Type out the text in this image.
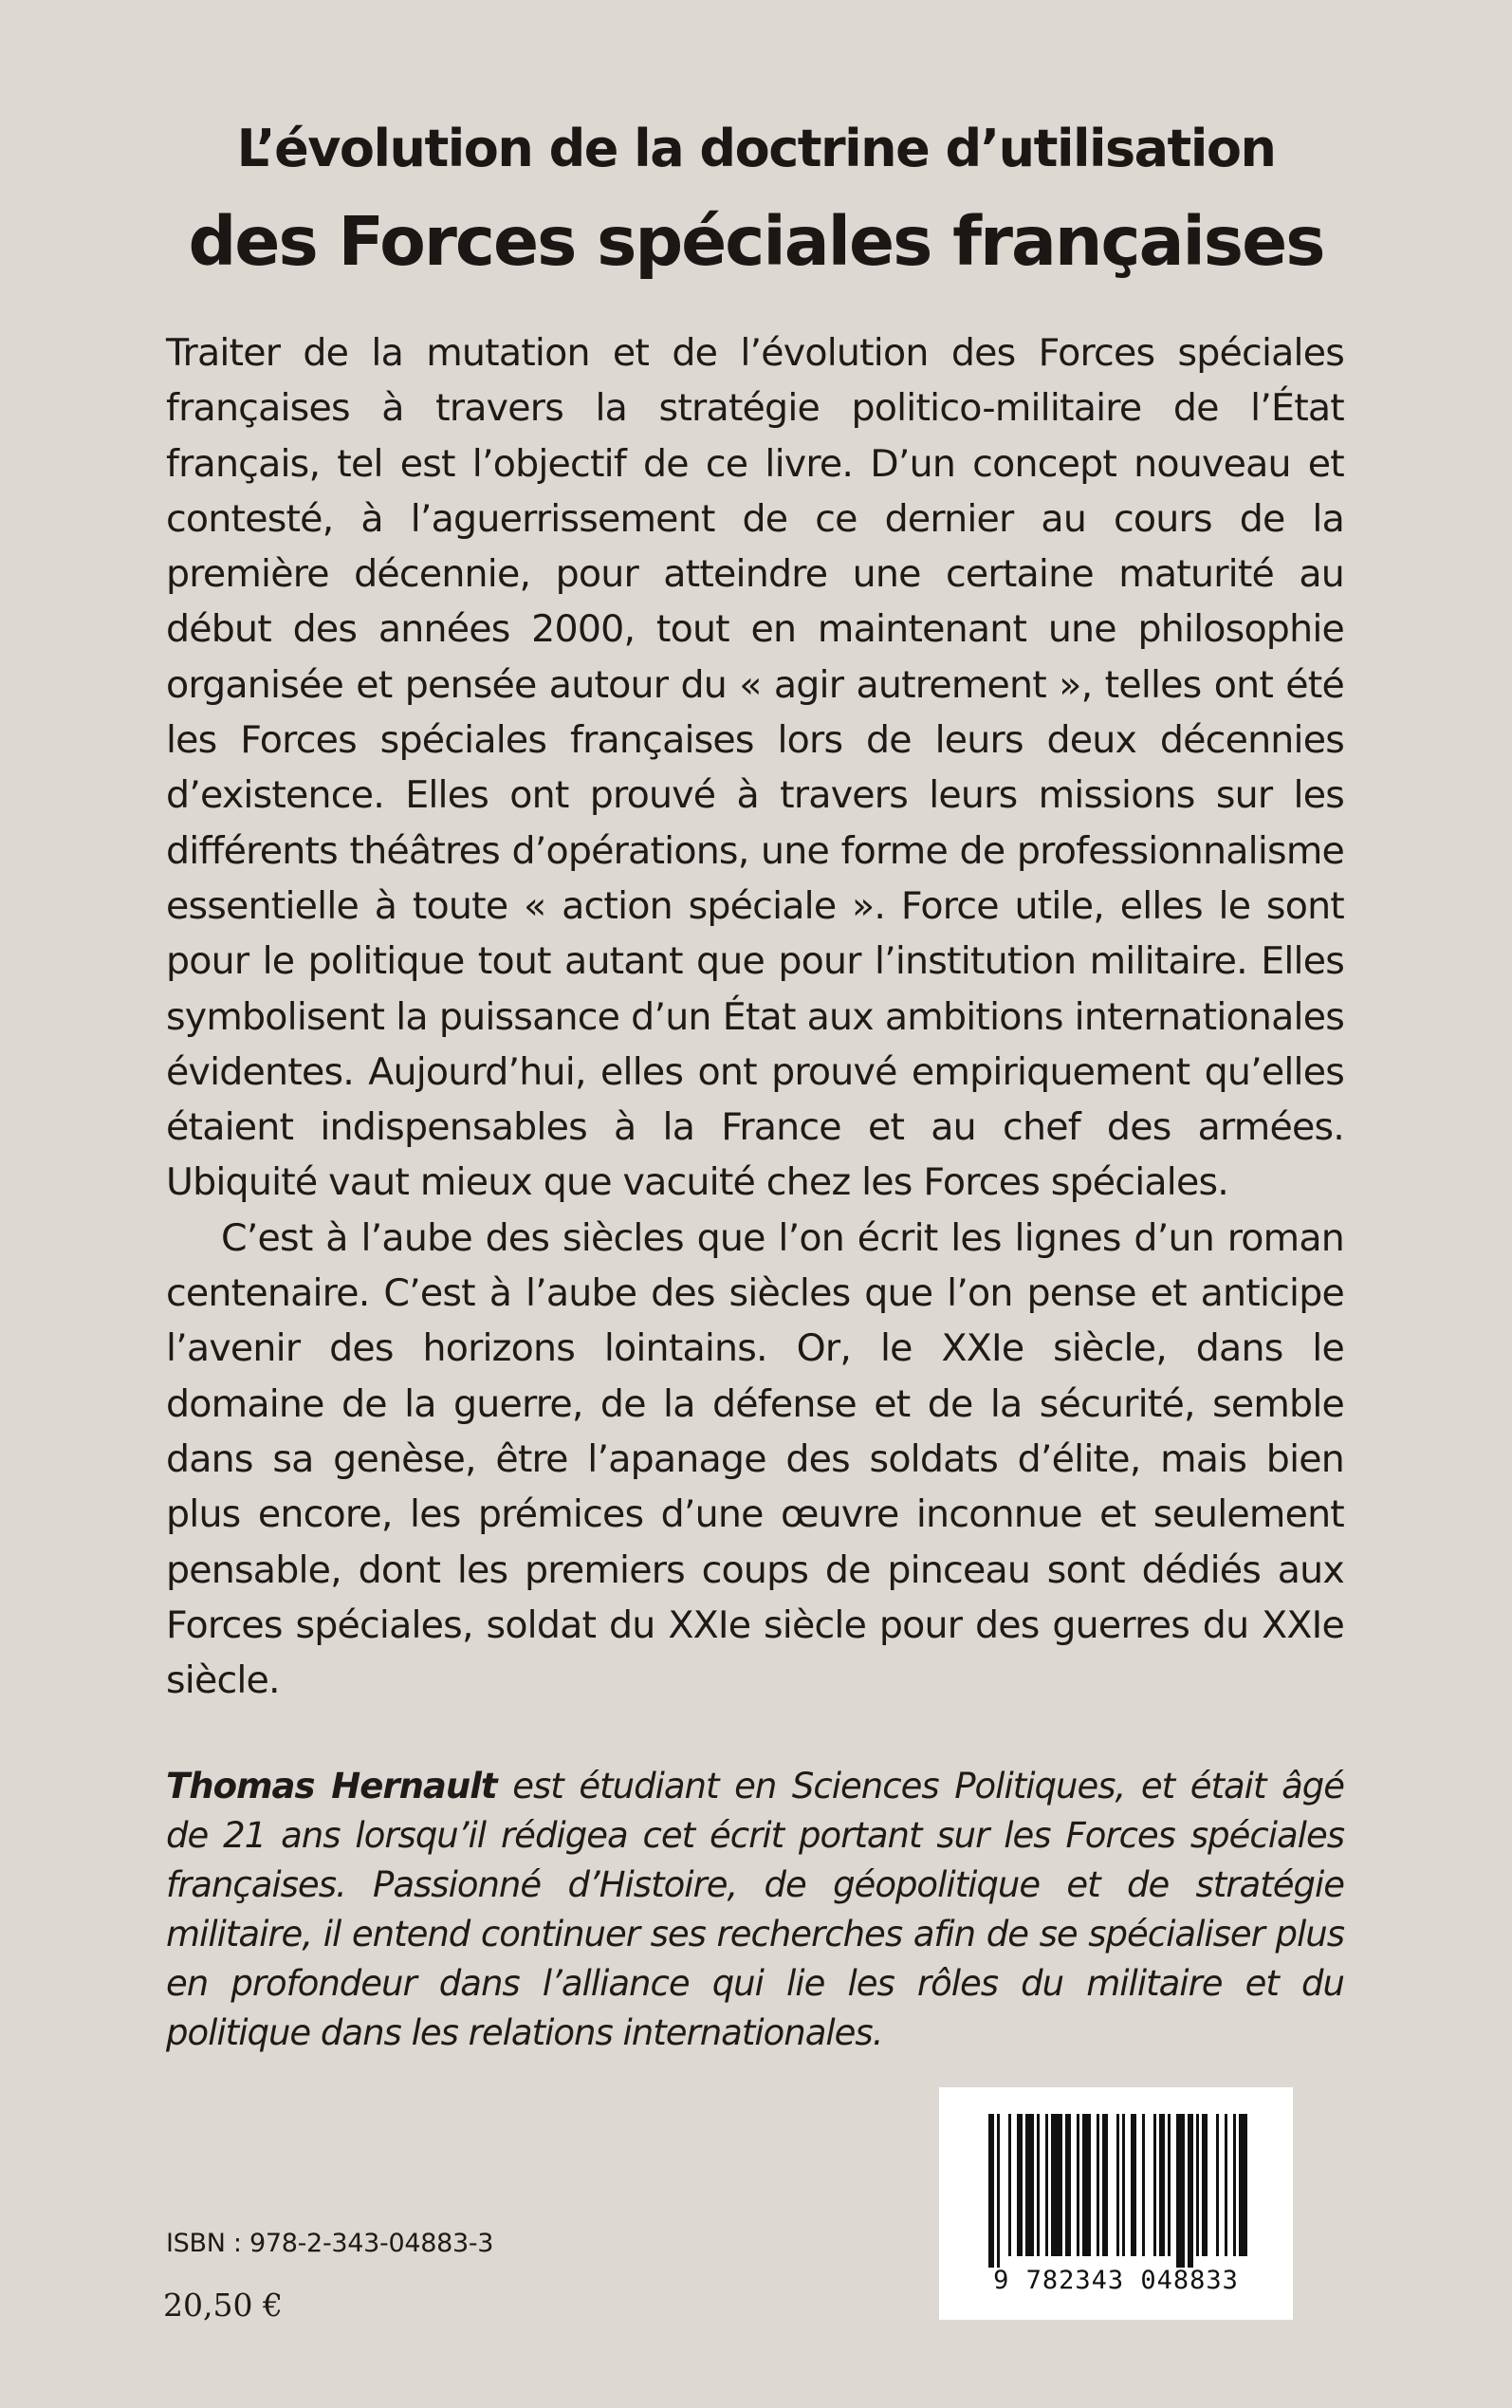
L’évolution de la doctrine d’utilisation
des Forces spéciales françaises

Traiter de la mutation et de l’évolution des Forces spéciales françaises à travers la stratégie politico-militaire de l’État français, tel est l’objectif de ce livre. D’un concept nouveau et contesté, à l’aguerrissement de ce dernier au cours de la première décennie, pour atteindre une certaine maturité au début des années 2000, tout en maintenant une philosophie organisée et pensée autour du « agir autrement », telles ont été les Forces spéciales françaises lors de leurs deux décennies d’existence. Elles ont prouvé à travers leurs missions sur les différents théâtres d’opérations, une forme de professionnalisme essentielle à toute « action spéciale ». Force utile, elles le sont pour le politique tout autant que pour l’institution militaire. Elles symbolisent la puissance d’un État aux ambitions internationales évidentes. Aujourd’hui, elles ont prouvé empiriquement qu’elles étaient indispensables à la France et au chef des armées. Ubiquité vaut mieux que vacuité chez les Forces spéciales.

C’est à l’aube des siècles que l’on écrit les lignes d’un roman centenaire. C’est à l’aube des siècles que l’on pense et anticipe l’avenir des horizons lointains. Or, le XXIe siècle, dans le domaine de la guerre, de la défense et de la sécurité, semble dans sa genèse, être l’apanage des soldats d’élite, mais bien plus encore, les prémices d’une œuvre inconnue et seulement pensable, dont les premiers coups de pinceau sont dédiés aux Forces spéciales, soldat du XXIe siècle pour des guerres du XXIe siècle.

Thomas Hernault est étudiant en Sciences Politiques, et était âgé de 21 ans lorsqu’il rédigea cet écrit portant sur les Forces spéciales françaises. Passionné d’Histoire, de géopolitique et de stratégie militaire, il entend continuer ses recherches afin de se spécialiser plus en profondeur dans l’alliance qui lie les rôles du militaire et du politique dans les relations internationales.
ISBN : 978-2-343-04883-3
20,50 €
9 782343 048833
